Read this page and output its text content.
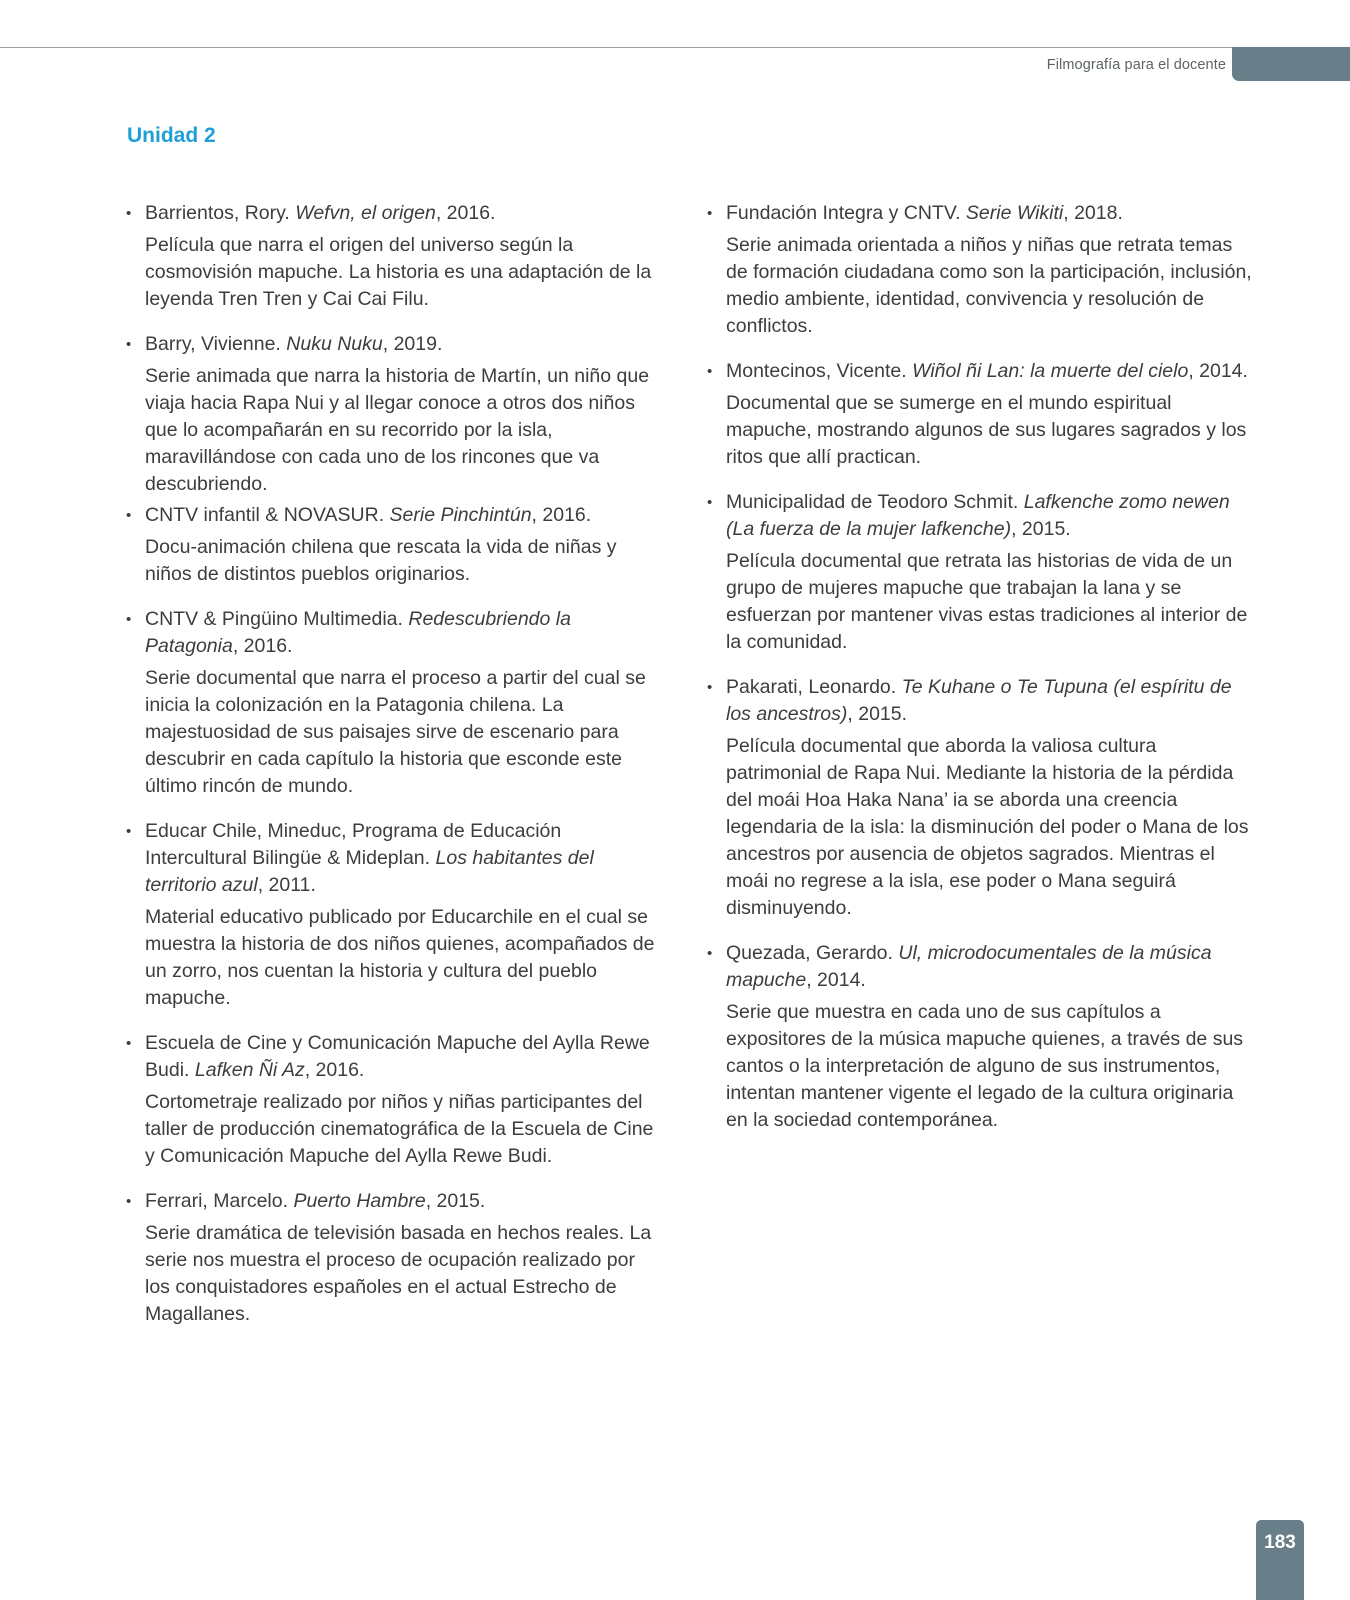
Filmografía para el docente
Unidad 2
• Barrientos, Rory. Wefvn, el origen, 2016.

Película que narra el origen del universo según la cosmovisión mapuche. La historia es una adaptación de la leyenda Tren Tren y Cai Cai Filu.

• Barry, Vivienne. Nuku Nuku, 2019.

Serie animada que narra la historia de Martín, un niño que viaja hacia Rapa Nui y al llegar conoce a otros dos niños que lo acompañarán en su recorrido por la isla, maravillándose con cada uno de los rincones que va descubriendo.

• CNTV infantil & NOVASUR. Serie Pinchintún, 2016.

Docu-animación chilena que rescata la vida de niñas y niños de distintos pueblos originarios.

• CNTV & Pingüino Multimedia. Redescubriendo la Patagonia, 2016.

Serie documental que narra el proceso a partir del cual se inicia la colonización en la Patagonia chilena. La majestuosidad de sus paisajes sirve de escenario para descubrir en cada capítulo la historia que esconde este último rincón de mundo.

• Educar Chile, Mineduc, Programa de Educación Intercultural Bilingüe & Mideplan. Los habitantes del territorio azul, 2011.

Material educativo publicado por Educarchile en el cual se muestra la historia de dos niños quienes, acompañados de un zorro, nos cuentan la historia y cultura del pueblo mapuche.

• Escuela de Cine y Comunicación Mapuche del Aylla Rewe Budi. Lafken Ñi Az, 2016.

Cortometraje realizado por niños y niñas participantes del taller de producción cinematográfica de la Escuela de Cine y Comunicación Mapuche del Aylla Rewe Budi.

• Ferrari, Marcelo. Puerto Hambre, 2015.

Serie dramática de televisión basada en hechos reales. La serie nos muestra el proceso de ocupación realizado por los conquistadores españoles en el actual Estrecho de Magallanes.

• Fundación Integra y CNTV. Serie Wikiti, 2018.

Serie animada orientada a niños y niñas que retrata temas de formación ciudadana como son la participación, inclusión, medio ambiente, identidad, convivencia y resolución de conflictos.

• Montecinos, Vicente. Wiñol ñi Lan: la muerte del cielo, 2014.

Documental que se sumerge en el mundo espiritual mapuche, mostrando algunos de sus lugares sagrados y los ritos que allí practican.

• Municipalidad de Teodoro Schmit. Lafkenche zomo newen (La fuerza de la mujer lafkenche), 2015.

Película documental que retrata las historias de vida de un grupo de mujeres mapuche que trabajan la lana y se esfuerzan por mantener vivas estas tradiciones al interior de la comunidad.

• Pakarati, Leonardo. Te Kuhane o Te Tupuna (el espíritu de los ancestros), 2015.

Película documental que aborda la valiosa cultura patrimonial de Rapa Nui. Mediante la historia de la pérdida del moái Hoa Haka Nana’ ia se aborda una creencia legendaria de la isla: la disminución del poder o Mana de los ancestros por ausencia de objetos sagrados. Mientras el moái no regrese a la isla, ese poder o Mana seguirá disminuyendo.

• Quezada, Gerardo. Ul, microdocumentales de la música mapuche, 2014.

Serie que muestra en cada uno de sus capítulos a expositores de la música mapuche quienes, a través de sus cantos o la interpretación de alguno de sus instrumentos, intentan mantener vigente el legado de la cultura originaria en la sociedad contemporánea.

183
